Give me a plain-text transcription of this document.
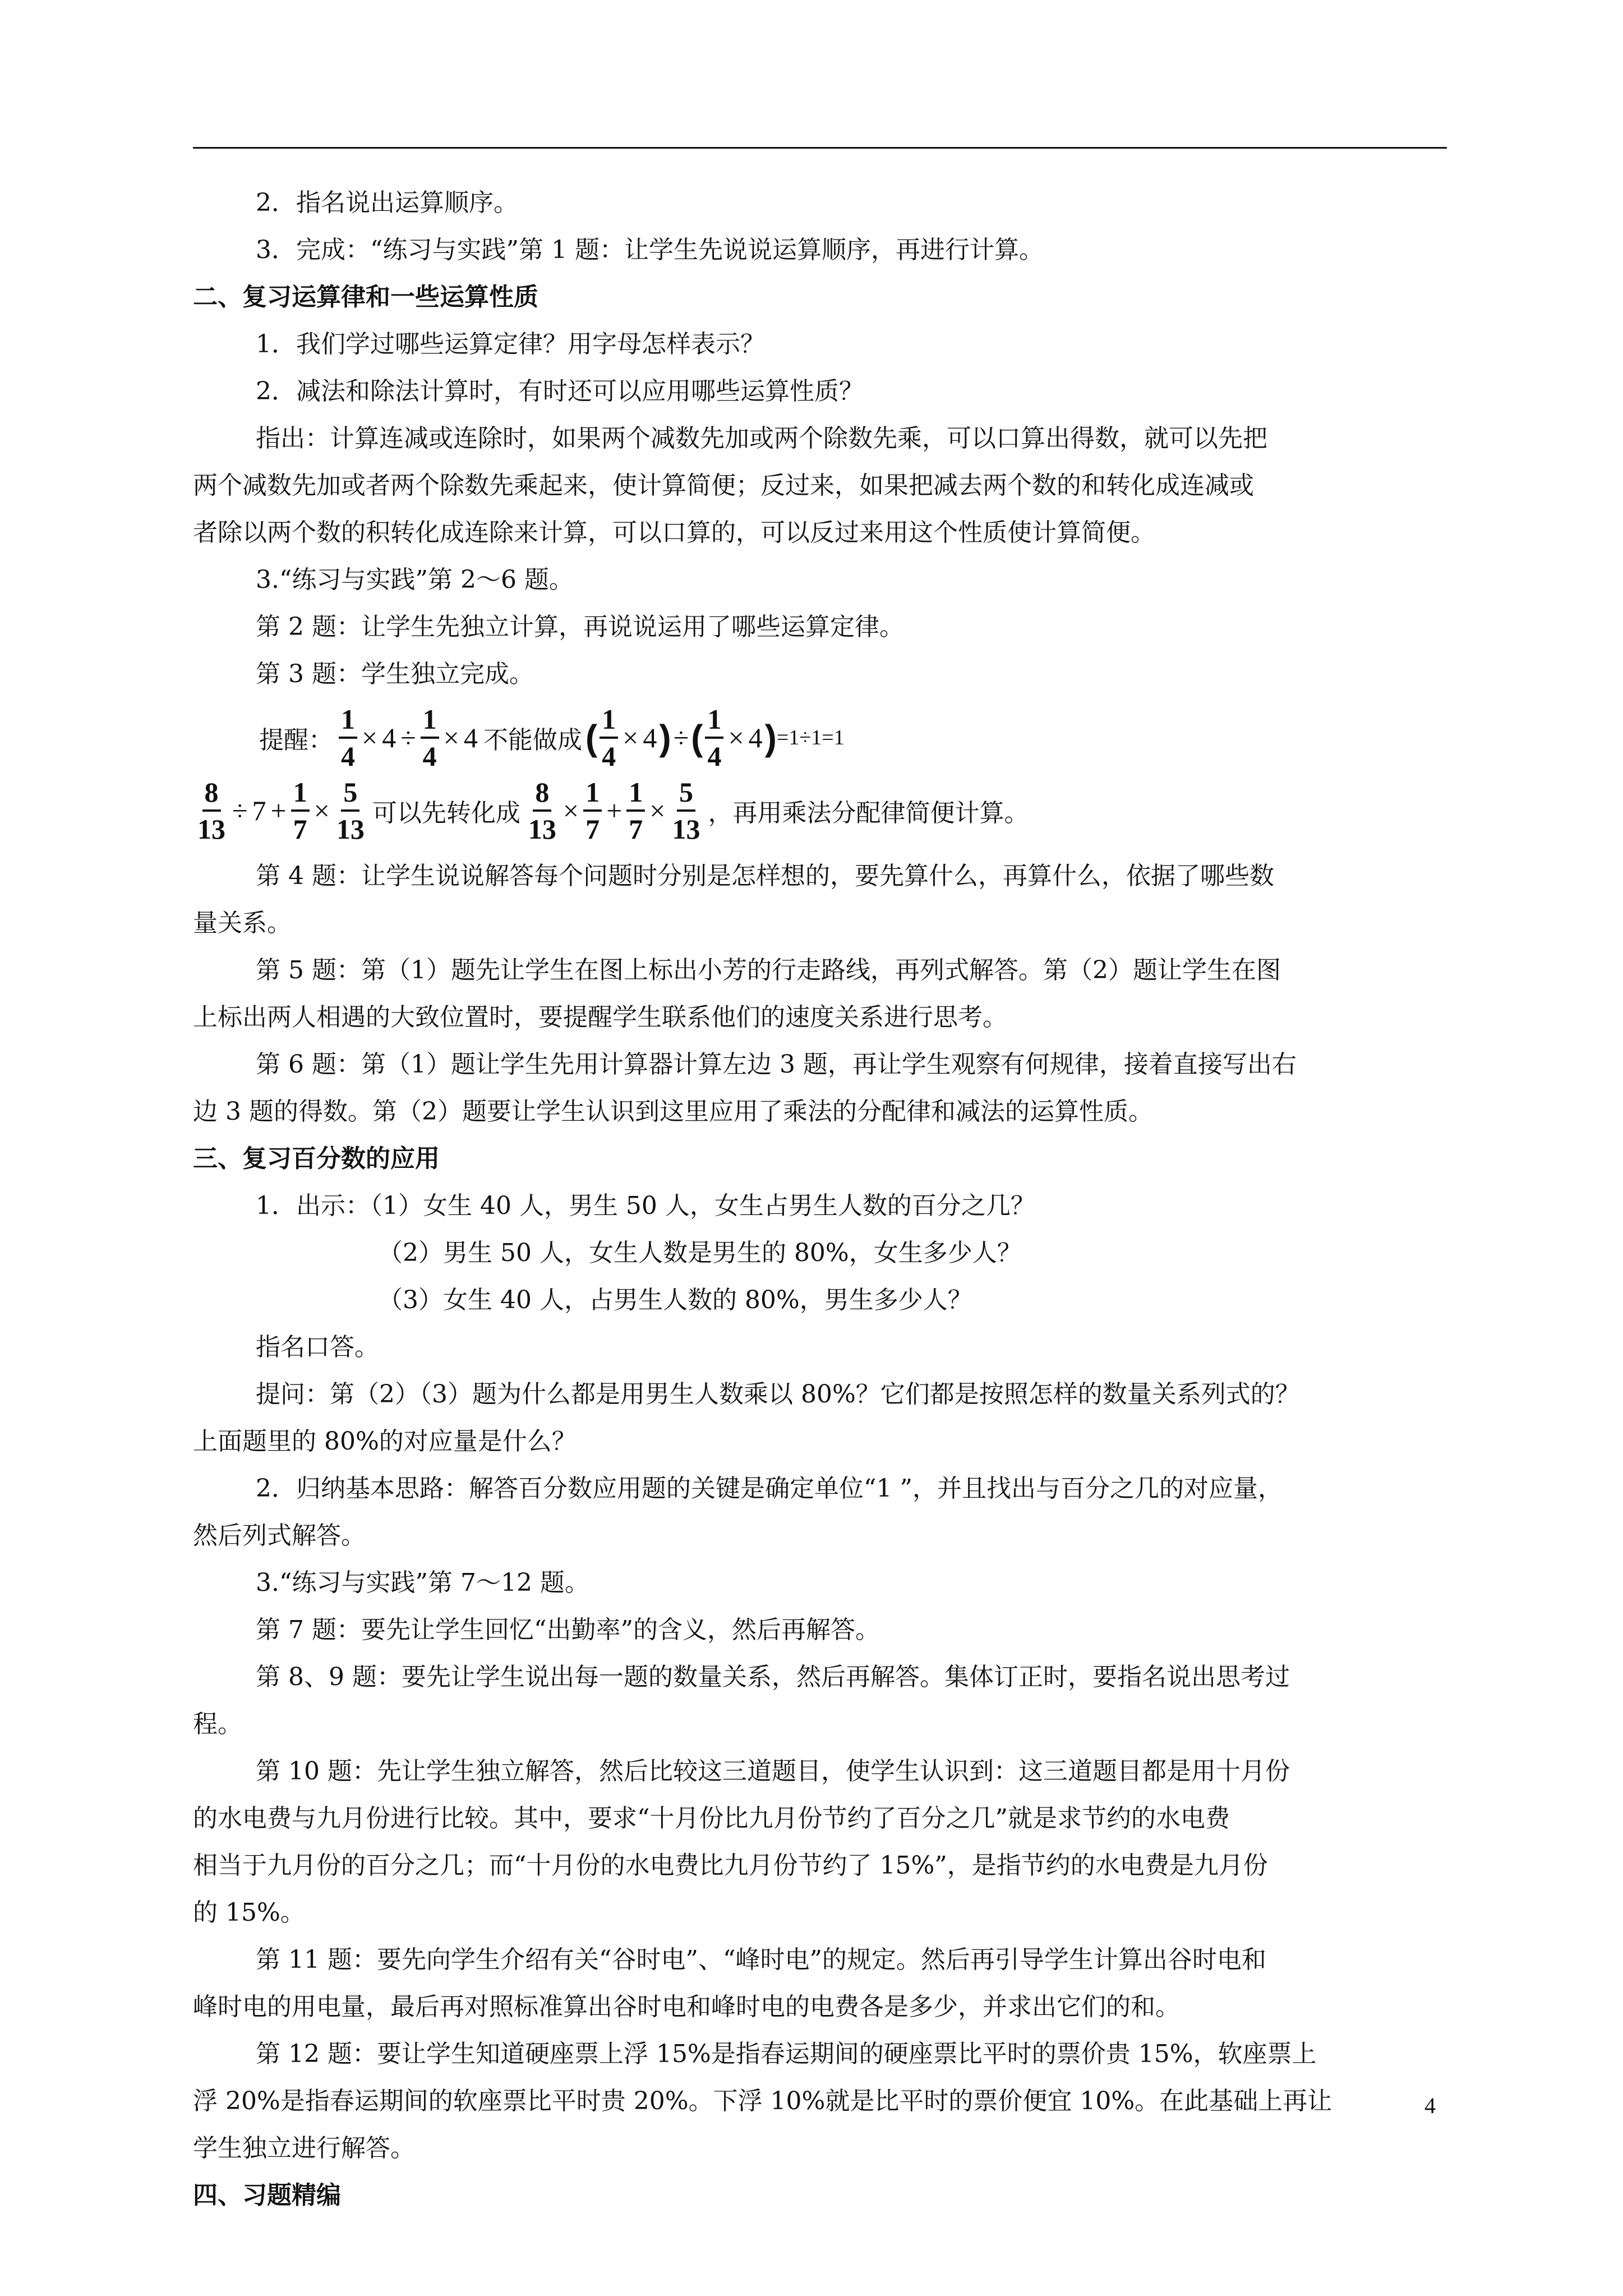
2．指名说出运算顺序。
3．完成：“练习与实践”第 1 题：让学生先说说运算顺序，再进行计算。
二、复习运算律和一些运算性质
1．我们学过哪些运算定律？用字母怎样表示？
2．减法和除法计算时，有时还可以应用哪些运算性质？
指出：计算连减或连除时，如果两个减数先加或两个除数先乘，可以口算出得数，就可以先把
两个减数先加或者两个除数先乘起来，使计算简便；反过来，如果把减去两个数的和转化成连减或
者除以两个数的积转化成连除来计算，可以口算的，可以反过来用这个性质使计算简便。
3.“练习与实践”第 2～6 题。
第 2 题：让学生先独立计算，再说说运用了哪些运算定律。
第 3 题：学生独立完成。
提醒： $\frac{1}{4} \times 4 \div \frac{1}{4} \times 4$ 不能做成 ( $\frac{1}{4} \times 4$ ) ÷ ( $\frac{1}{4} \times 4$ ) =1÷1=1
$\frac{8}{13} \div 7 + \frac{1}{7} \times \frac{5}{13}$ 可以先转化成 $\frac{8}{13} \times \frac{1}{7} + \frac{1}{7} \times \frac{5}{13}$ ，再用乘法分配律简便计算。
第 4 题：让学生说说解答每个问题时分别是怎样想的，要先算什么，再算什么，依据了哪些数
量关系。
第 5 题：第（1）题先让学生在图上标出小芳的行走路线，再列式解答。第（2）题让学生在图
上标出两人相遇的大致位置时，要提醒学生联系他们的速度关系进行思考。
第 6 题：第（1）题让学生先用计算器计算左边 3 题，再让学生观察有何规律，接着直接写出右
边 3 题的得数。第（2）题要让学生认识到这里应用了乘法的分配律和减法的运算性质。
三、复习百分数的应用
1．出示：（1）女生 40 人，男生 50 人，女生占男生人数的百分之几？
（2）男生 50 人，女生人数是男生的 80%，女生多少人？
（3）女生 40 人，占男生人数的 80%，男生多少人？
指名口答。
提问：第（2）（3）题为什么都是用男生人数乘以 80%？它们都是按照怎样的数量关系列式的？
上面题里的 80%的对应量是什么？
2．归纳基本思路：解答百分数应用题的关键是确定单位“1 ”，并且找出与百分之几的对应量，
然后列式解答。
3.“练习与实践”第 7～12 题。
第 7 题：要先让学生回忆“出勤率”的含义，然后再解答。
第 8、9 题：要先让学生说出每一题的数量关系，然后再解答。集体订正时，要指名说出思考过
程。
第 10 题：先让学生独立解答，然后比较这三道题目，使学生认识到：这三道题目都是用十月份
的水电费与九月份进行比较。其中，要求“十月份比九月份节约了百分之几”就是求节约的水电费
相当于九月份的百分之几；而“十月份的水电费比九月份节约了 15%”，是指节约的水电费是九月份
的 15%。
第 11 题：要先向学生介绍有关“谷时电”、“峰时电”的规定。然后再引导学生计算出谷时电和
峰时电的用电量，最后再对照标准算出谷时电和峰时电的电费各是多少，并求出它们的和。
第 12 题：要让学生知道硬座票上浮 15%是指春运期间的硬座票比平时的票价贵 15%，软座票上
浮 20%是指春运期间的软座票比平时贵 20%。下浮 10%就是比平时的票价便宜 10%。在此基础上再让
学生独立进行解答。
四、习题精编
4
